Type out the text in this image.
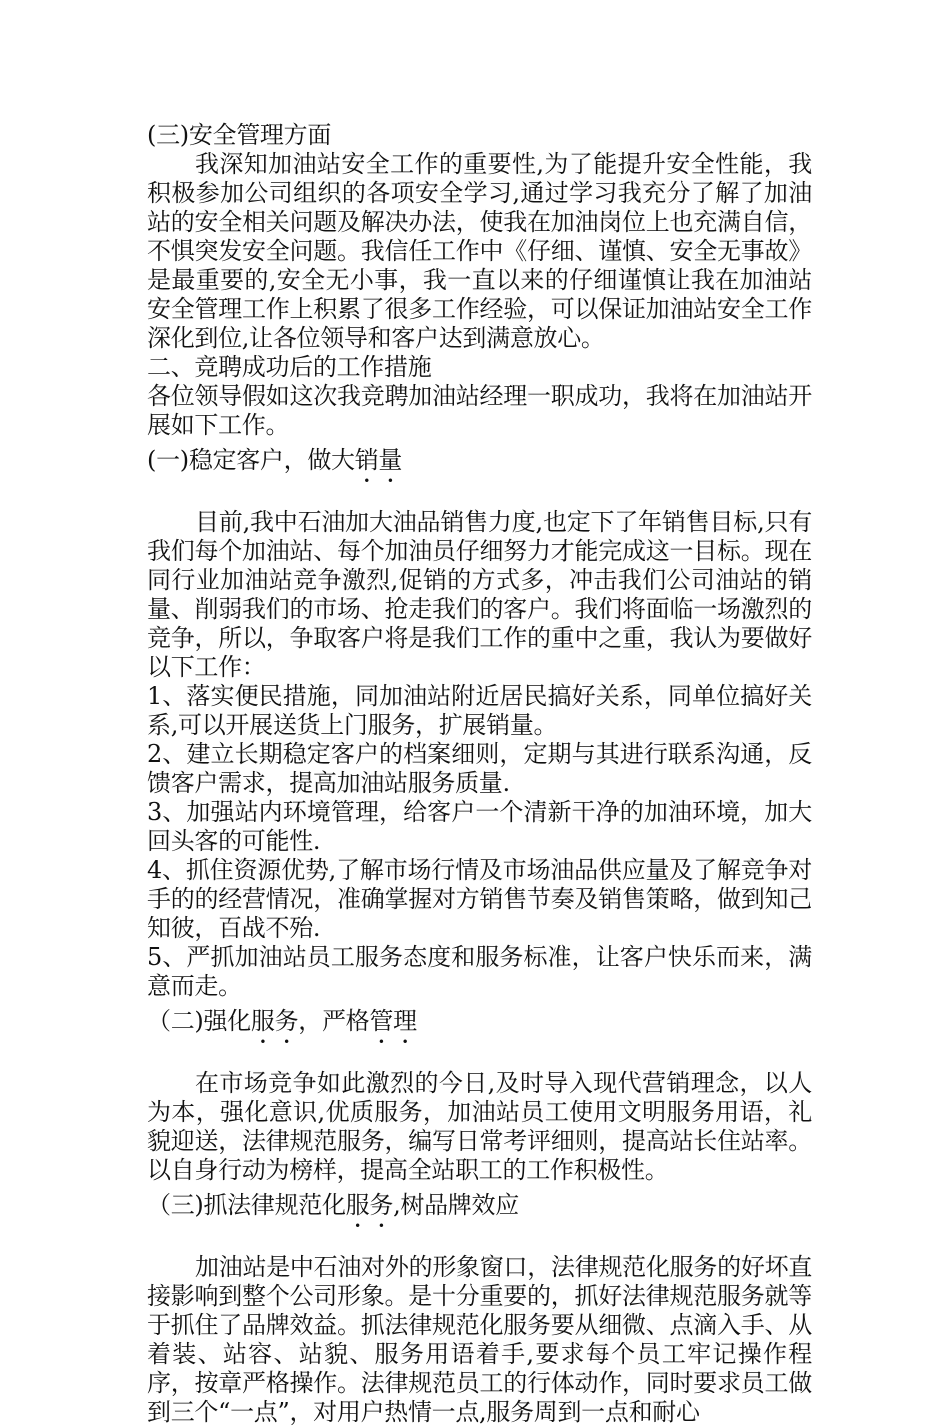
(三)安全管理方面

我深知加油站安全工作的重要性,为了能提升安全性能，我积极参加公司组织的各项安全学习,通过学习我充分了解了加油站的安全相关问题及解决办法，使我在加油岗位上也充满自信，不惧突发安全问题。我信任工作中《仔细、谨慎、安全无事故》是最重要的,安全无小事，我一直以来的仔细谨慎让我在加油站安全管理工作上积累了很多工作经验，可以保证加油站安全工作深化到位,让各位领导和客户达到满意放心。

二、竞聘成功后的工作措施

各位领导假如这次我竞聘加油站经理一职成功，我将在加油站开展如下工作。

(一)稳定客户，做大销量

目前,我中石油加大油品销售力度,也定下了年销售目标,只有我们每个加油站、每个加油员仔细努力才能完成这一目标。现在同行业加油站竞争激烈,促销的方式多，冲击我们公司油站的销量、削弱我们的市场、抢走我们的客户。我们将面临一场激烈的竞争，所以，争取客户将是我们工作的重中之重，我认为要做好以下工作：

1、落实便民措施，同加油站附近居民搞好关系，同单位搞好关系,可以开展送货上门服务，扩展销量。

2、建立长期稳定客户的档案细则，定期与其进行联系沟通，反馈客户需求，提高加油站服务质量.

3、加强站内环境管理，给客户一个清新干净的加油环境，加大回头客的可能性.

4、抓住资源优势,了解市场行情及市场油品供应量及了解竞争对手的的经营情况，准确掌握对方销售节奏及销售策略，做到知己知彼，百战不殆.

5、严抓加油站员工服务态度和服务标准，让客户快乐而来，满意而走。

（二)强化服务，严格管理

在市场竞争如此激烈的今日,及时导入现代营销理念，以人为本，强化意识,优质服务，加油站员工使用文明服务用语，礼貌迎送，法律规范服务，编写日常考评细则，提高站长住站率。以自身行动为榜样，提高全站职工的工作积极性。

（三)抓法律规范化服务,树品牌效应

加油站是中石油对外的形象窗口，法律规范化服务的好坏直接影响到整个公司形象。是十分重要的，抓好法律规范服务就等于抓住了品牌效益。抓法律规范化服务要从细微、点滴入手、从着装、站容、站貌、服务用语着手,要求每个员工牢记操作程序，按章严格操作。法律规范员工的行体动作，同时要求员工做到三个“一点”，对用户热情一点,服务周到一点和耐心
